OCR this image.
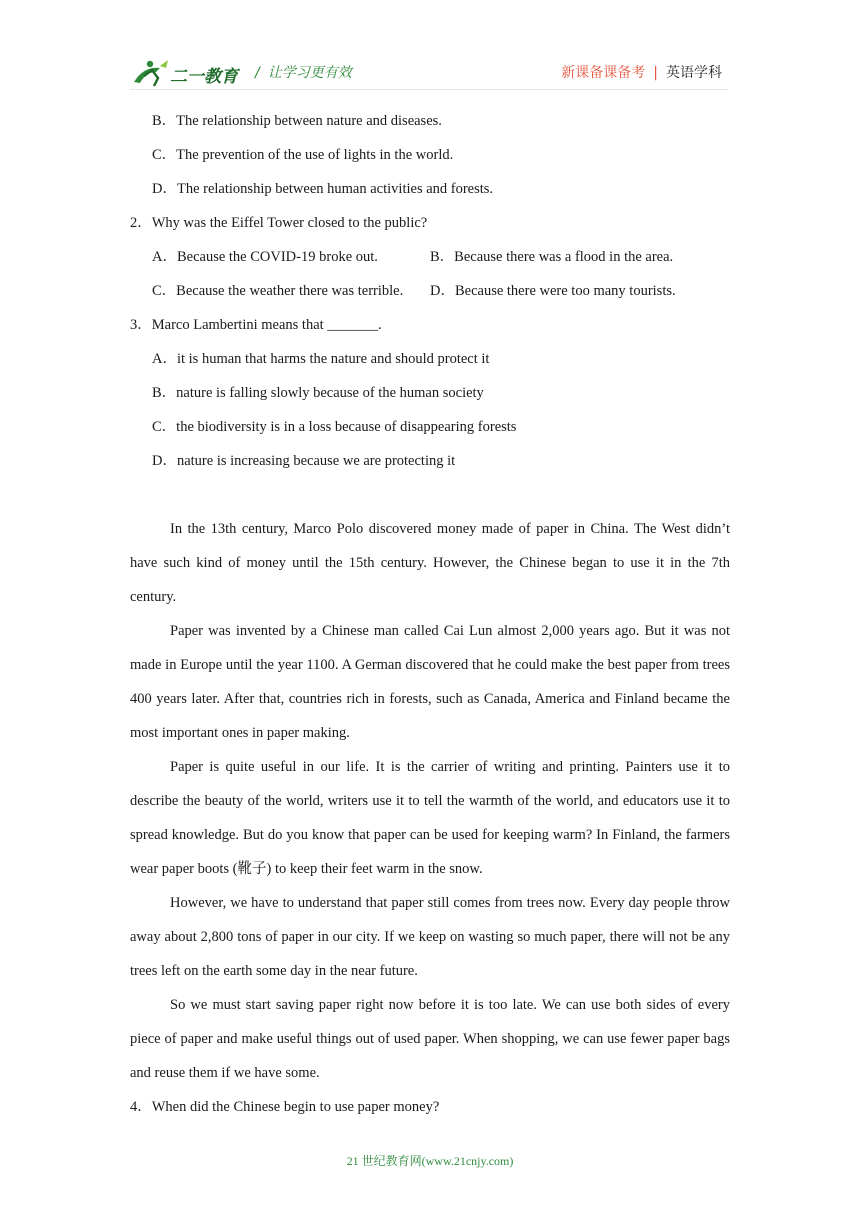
二一教育 / 让学习更有效	新课备课备考 | 英语学科
B．The relationship between nature and diseases.
C．The prevention of the use of lights in the world.
D．The relationship between human activities and forests.
2．Why was the Eiffel Tower closed to the public?
A．Because the COVID-19 broke out.	B．Because there was a flood in the area.
C．Because the weather there was terrible.	D．Because there were too many tourists.
3．Marco Lambertini means that _______.
A．it is human that harms the nature and should protect it
B．nature is falling slowly because of the human society
C．the biodiversity is in a loss because of disappearing forests
D．nature is increasing because we are protecting it

In the 13th century, Marco Polo discovered money made of paper in China. The West didn’t have such kind of money until the 15th century. However, the Chinese began to use it in the 7th century.

Paper was invented by a Chinese man called Cai Lun almost 2,000 years ago. But it was not made in Europe until the year 1100. A German discovered that he could make the best paper from trees 400 years later. After that, countries rich in forests, such as Canada, America and Finland became the most important ones in paper making.

Paper is quite useful in our life. It is the carrier of writing and printing. Painters use it to describe the beauty of the world, writers use it to tell the warmth of the world, and educators use it to spread knowledge. But do you know that paper can be used for keeping warm? In Finland, the farmers wear paper boots (靴子) to keep their feet warm in the snow.

However, we have to understand that paper still comes from trees now. Every day people throw away about 2,800 tons of paper in our city. If we keep on wasting so much paper, there will not be any trees left on the earth some day in the near future.

So we must start saving paper right now before it is too late. We can use both sides of every piece of paper and make useful things out of used paper. When shopping, we can use fewer paper bags and reuse them if we have some.

4．When did the Chinese begin to use paper money?
21 世纪教育网(www.21cnjy.com)
